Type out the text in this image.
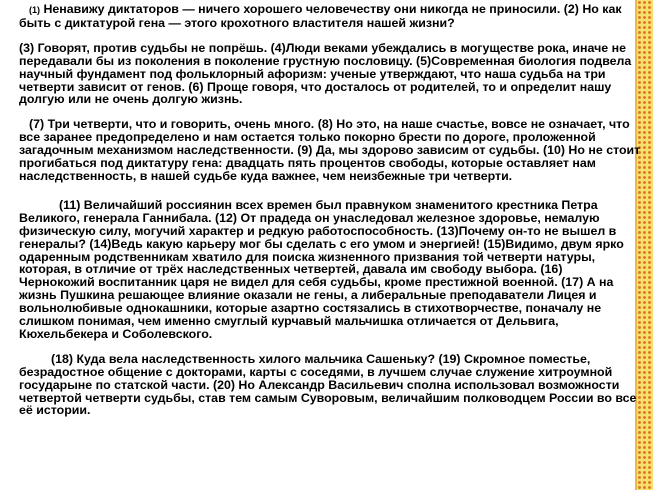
(1) Ненавижу диктаторов — ничего хорошего человечеству они никогда не приносили. (2) Но как быть с диктатурой гена — этого крохотного властителя нашей жизни?

(3) Говорят, против судьбы не попрёшь. (4)Люди веками убеждались в могуществе рока, иначе не передавали бы из поколения в поколение грустную пословицу. (5)Современная биология подвела научный фундамент под фольклорный афоризм: ученые утверждают, что наша судьба на три четверти зависит от генов. (6) Проще говоря, что досталось от родителей, то и определит нашу долгую или не очень долгую жизнь.

(7) Три четверти, что и говорить, очень много. (8) Но это, на наше счастье, вовсе не означает, что все заранее предопределено и нам остается только покорно брести по дороге, проложенной загадочным механизмом наследственности. (9) Да, мы здорово зависим от судьбы. (10) Но не стоит прогибаться под диктатуру гена: двадцать пять процентов свободы, которые оставляет нам наследственность, в нашей судьбе куда важнее, чем неизбежные три четверти.

(11) Величайший россиянин всех времен был правнуком знаменитого крестника Петра Великого, генерала Ганнибала. (12) От прадеда он унаследовал железное здоровье, немалую физическую силу, могучий характер и редкую работоспособность. (13)Почему он-то не вышел в генералы? (14)Ведь какую карьеру мог бы сделать с его умом и энергией! (15)Видимо, двум ярко одаренным родственникам хватило для поиска жизненного призвания той четверти натуры, которая, в отличие от трёх наследственных четвертей, давала им свободу выбора. (16) Чернокожий воспитанник царя не видел для себя судьбы, кроме престижной военной. (17) А на жизнь Пушкина решающее влияние оказали не гены, а либеральные преподаватели Лицея и вольнолюбивые однокашники, которые азартно состязались в стихотворчестве, поначалу не слишком понимая, чем именно смуглый курчавый мальчишка отличается от Дельвига, Кюхельбекера и Соболевского.

(18) Куда вела наследственность хилого мальчика Сашеньку? (19) Скромное поместье, безрадостное общение с докторами, карты с соседями, в лучшем случае служение хитроумной государыне по статской части. (20) Но Александр Васильевич сполна использовал возможности четвертой четверти судьбы, став тем самым Суворовым, величайшим полководцем России во все её истории.
